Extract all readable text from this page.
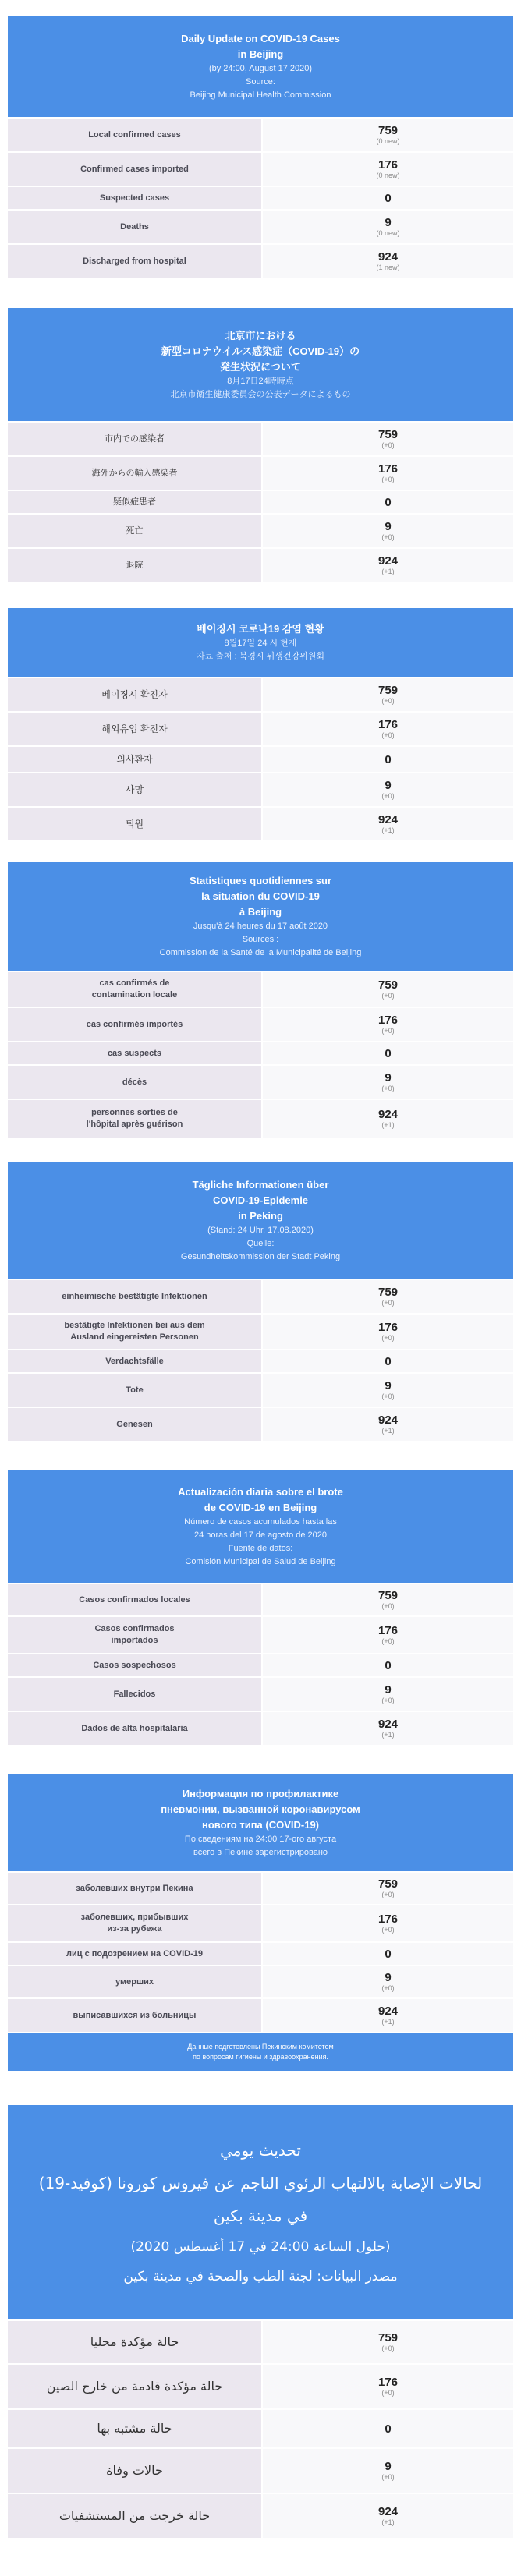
Daily Update on COVID-19 Cases
in Beijing
(by 24:00, August 17 2020)
Source:
Beijing Municipal Health Commission
Local confirmed cases	759
(0 new)
Confirmed cases imported	176
(0 new)
Suspected cases	0
Deaths	9
(0 new)
Discharged from hospital	924
(1 new)
北京市における
新型コロナウイルス感染症（COVID-19）の
発生状況について
8月17日24時時点
北京市衛生健康委員会の公表データによるもの
市内での感染者	759
(+0)
海外からの輸入感染者	176
(+0)
疑似症患者	0
死亡	9
(+0)
退院	924
(+1)
베이징시 코로나19 감염 현황
8월17일 24 시 현재
자료 출처 : 북경시 위생건강위원회
베이징시 확진자	759
(+0)
해외유입 확진자	176
(+0)
의사환자	0
사망	9
(+0)
퇴원	924
(+1)
Statistiques quotidiennes sur
la situation du COVID-19
à Beijing
Jusqu'à 24 heures du 17 août 2020
Sources :
Commission de la Santé de la Municipalité de Beijing
cas confirmés de
contamination locale
759
(+0)
cas confirmés importés	176
(+0)
cas suspects	0
décès	9
(+0)
personnes sorties de
l'hôpital après guérison
924
(+1)
Tägliche Informationen über
COVID-19-Epidemie
in Peking
(Stand: 24 Uhr, 17.08.2020)
Quelle:
Gesundheitskommission der Stadt Peking
einheimische bestätigte Infektionen	759
(+0)
bestätigte Infektionen bei aus dem
Ausland eingereisten Personen
176
(+0)
Verdachtsfälle	0
Tote	9
(+0)
Genesen	924
(+1)
Actualización diaria sobre el brote
de COVID-19 en Beijing
Número de casos acumulados hasta las
24 horas del 17 de agosto de 2020
Fuente de datos:
Comisión Municipal de Salud de Beijing
Casos confirmados locales	759
(+0)
Casos confirmados
importados
176
(+0)
Casos sospechosos	0
Fallecidos	9
(+0)
Dados de alta hospitalaria	924
(+1)
Информация по профилактике
пневмонии, вызванной коронавирусом
нового типа (COVID-19)
По сведениям на 24:00 17-ого августа
всего в Пекине зарегистрировано
заболевших внутри Пекина	759
(+0)
заболевших, прибывших
из-за рубежа
176
(+0)
лиц с подозрением на COVID-19	0
умерших	9
(+0)
выписавшихся из больницы	924
(+1)
Данные подготовлены Пекинским комитетом
по вопросам гигиены и здравоохранения.
تحديث يومي
لحالات الإصابة بالالتهاب الرئوي الناجم عن فيروس كورونا (كوفيد-19)
في مدينة بكين
(حلول الساعة 24:00 في 17 أغسطس 2020)
مصدر البيانات: لجنة الطب والصحة في مدينة بكين
حالة مؤكدة محليا	759
(+0)
حالة مؤكدة قادمة من خارج الصين	176
(+0)
حالة مشتبه بها	0
حالات وفاة	9
(+0)
حالة خرجت من المستشفيات	924
(+1)
